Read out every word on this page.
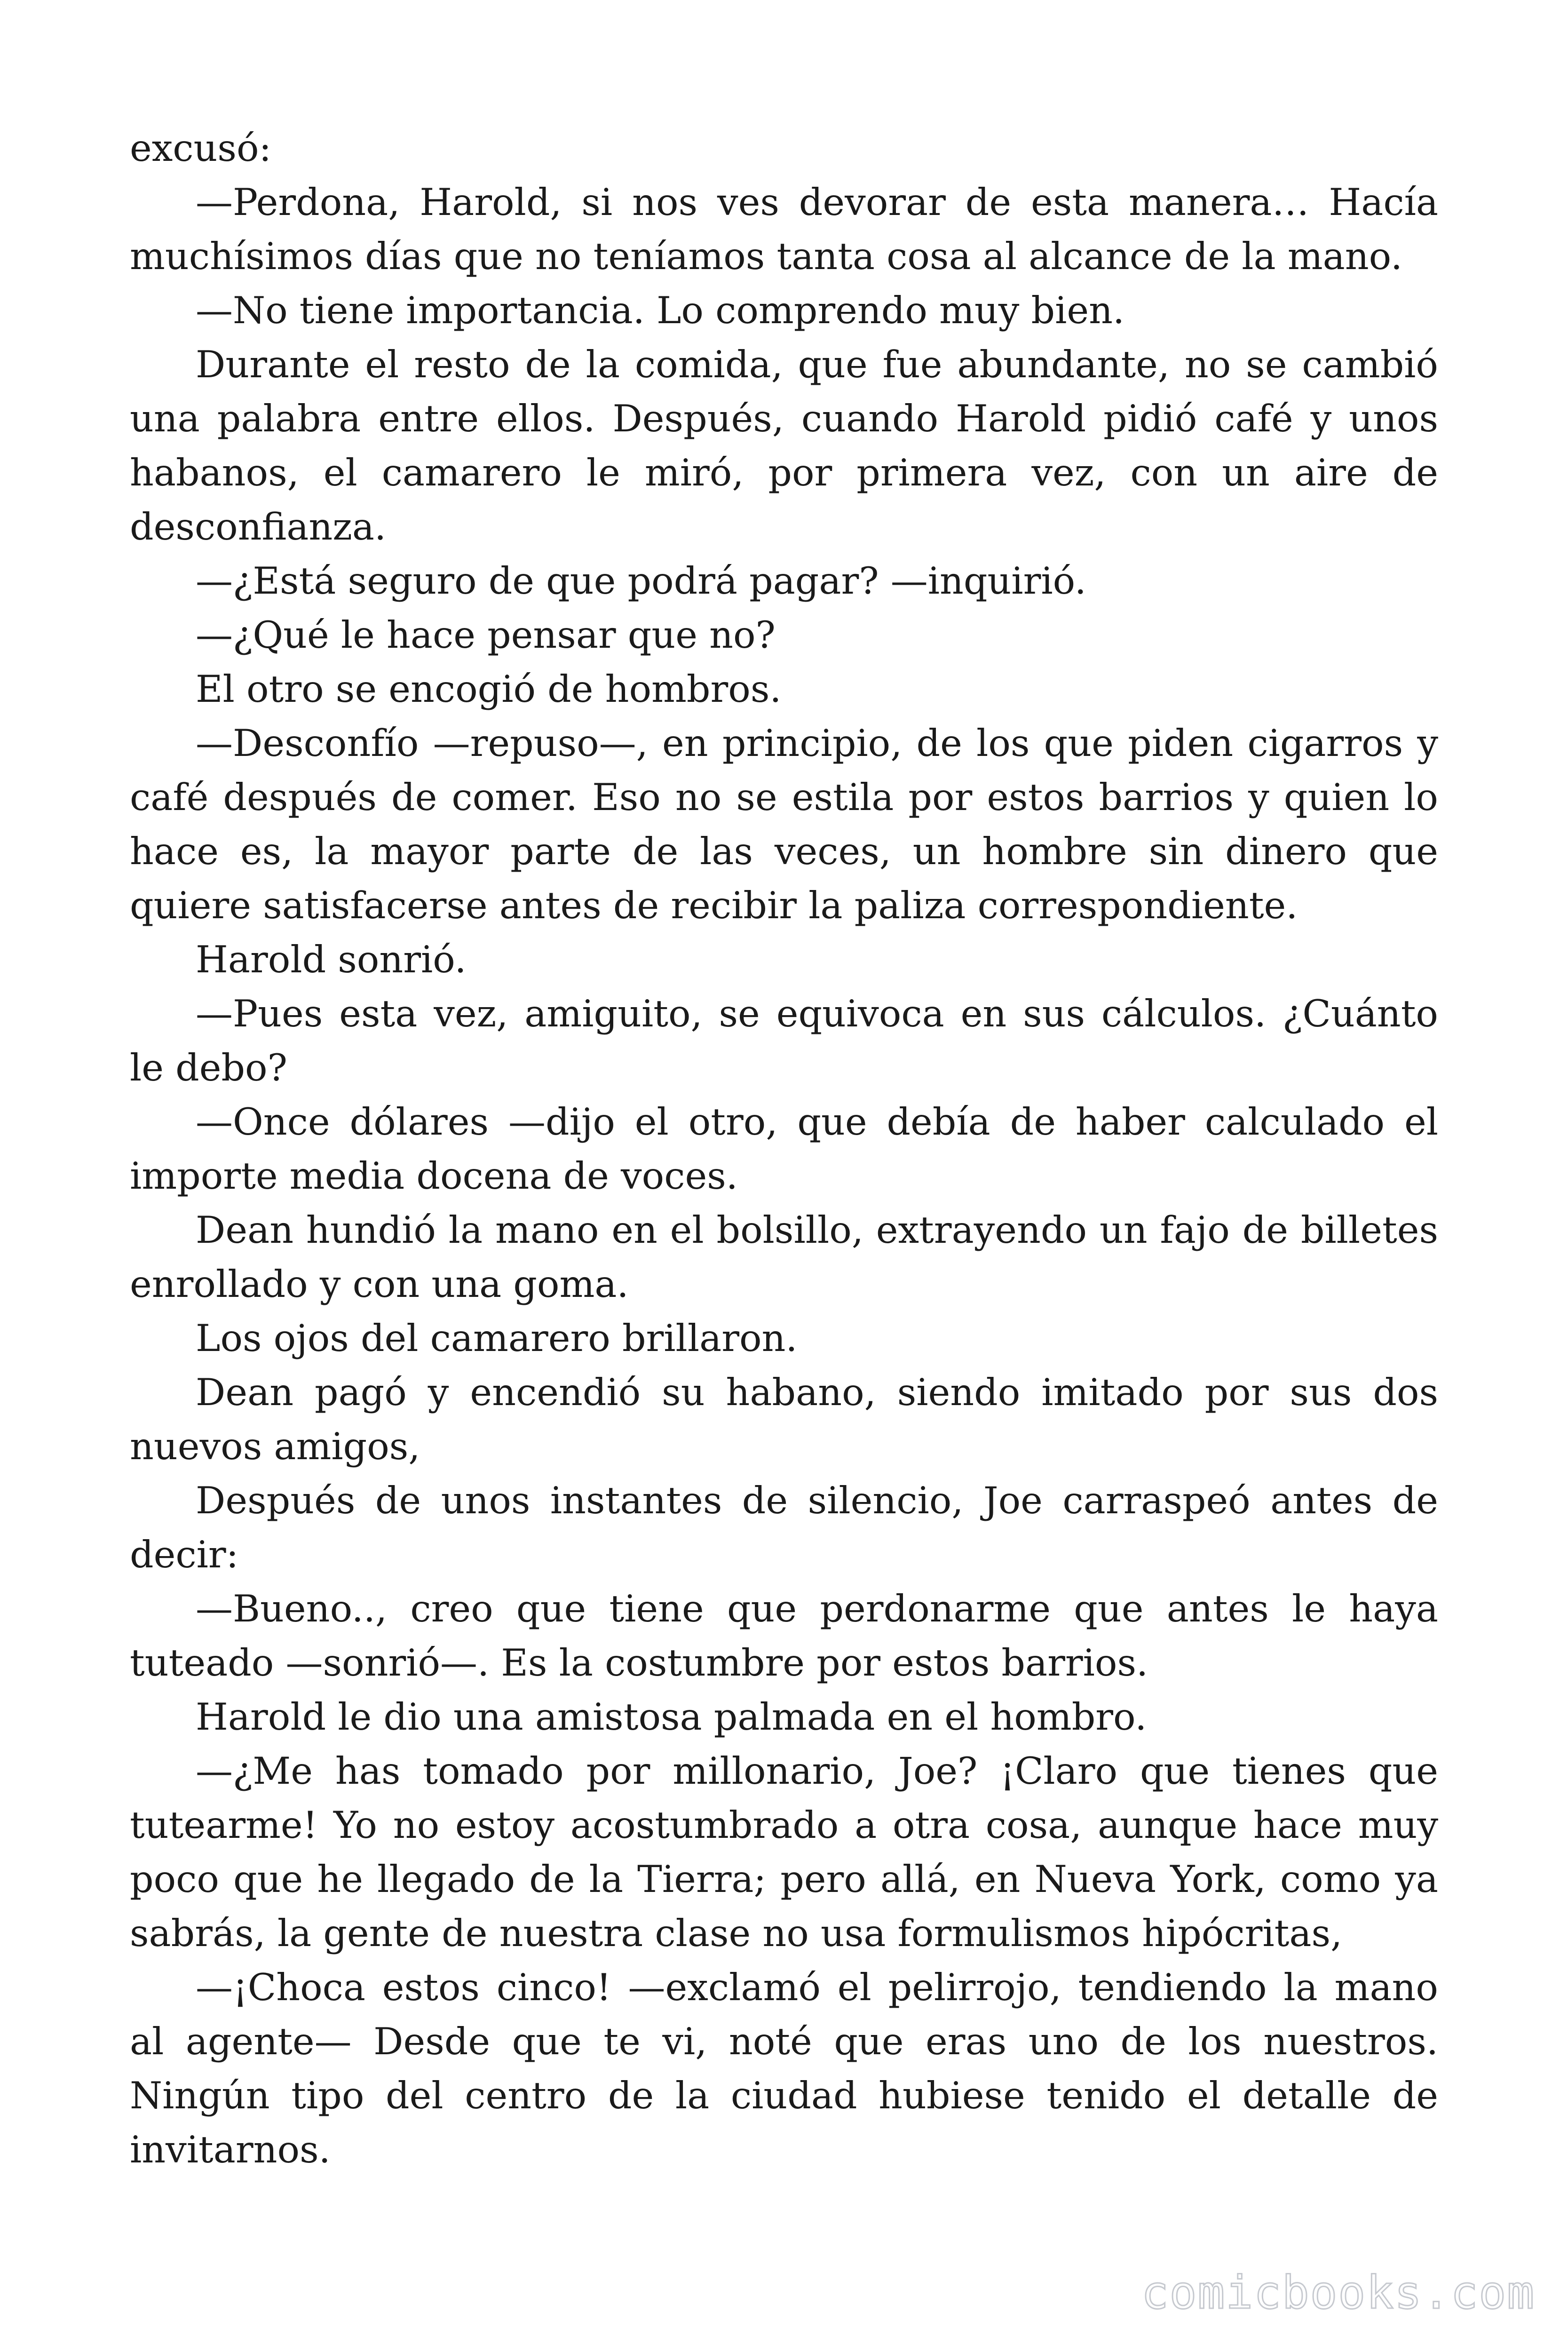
excusó:

—Perdona, Harold, si nos ves devorar de esta manera… Hacía muchísimos días que no teníamos tanta cosa al alcance de la mano.

—No tiene importancia. Lo comprendo muy bien.

Durante el resto de la comida, que fue abundante, no se cambió una palabra entre ellos. Después, cuando Harold pidió café y unos habanos, el camarero le miró, por primera vez, con un aire de desconfianza.

—¿Está seguro de que podrá pagar? —inquirió.

—¿Qué le hace pensar que no?

El otro se encogió de hombros.

—Desconfío —repuso—, en principio, de los que piden cigarros y café después de comer. Eso no se estila por estos barrios y quien lo hace es, la mayor parte de las veces, un hombre sin dinero que quiere satisfacerse antes de recibir la paliza correspondiente.

Harold sonrió.

—Pues esta vez, amiguito, se equivoca en sus cálculos. ¿Cuánto le debo?

—Once dólares —dijo el otro, que debía de haber calculado el importe media docena de voces.

Dean hundió la mano en el bolsillo, extrayendo un fajo de billetes enrollado y con una goma.

Los ojos del camarero brillaron.

Dean pagó y encendió su habano, siendo imitado por sus dos nuevos amigos,

Después de unos instantes de silencio, Joe carraspeó antes de decir:

—Bueno.., creo que tiene que perdonarme que antes le haya tuteado —sonrió—. Es la costumbre por estos barrios.

Harold le dio una amistosa palmada en el hombro.

—¿Me has tomado por millonario, Joe? ¡Claro que tienes que tutearme! Yo no estoy acostumbrado a otra cosa, aunque hace muy poco que he llegado de la Tierra; pero allá, en Nueva York, como ya sabrás, la gente de nuestra clase no usa formulismos hipócritas,

—¡Choca estos cinco! —exclamó el pelirrojo, tendiendo la mano al agente— Desde que te vi, noté que eras uno de los nuestros. Ningún tipo del centro de la ciudad hubiese tenido el detalle de invitarnos.

comicbooks.com
